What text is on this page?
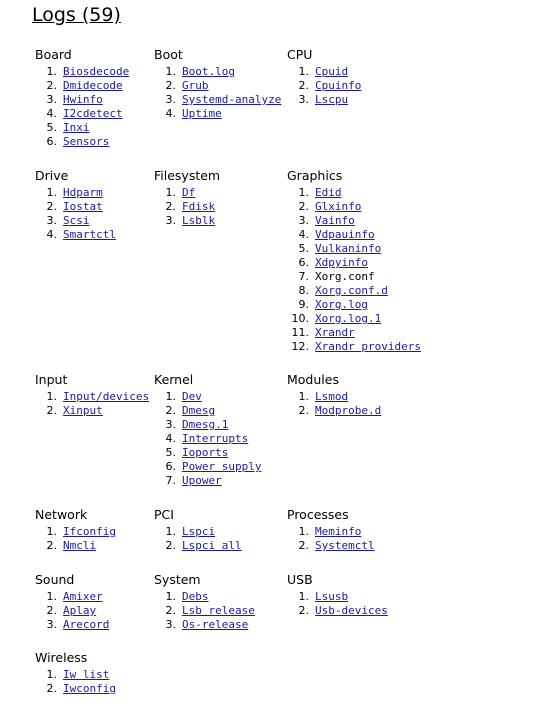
Logs (59)
Board
1. Biosdecode
2. Dmidecode
3. Hwinfo
4. I2cdetect
5. Inxi
6. Sensors
Boot
1. Boot.log
2. Grub
3. Systemd-analyze
4. Uptime
CPU
1. Cpuid
2. Cpuinfo
3. Lscpu
Drive
1. Hdparm
2. Iostat
3. Scsi
4. Smartctl
Filesystem
1. Df
2. Fdisk
3. Lsblk
Graphics
1. Edid
2. Glxinfo
3. Vainfo
4. Vdpauinfo
5. Vulkaninfo
6. Xdpyinfo
7. Xorg.conf
8. Xorg.conf.d
9. Xorg.log
10. Xorg.log.1
11. Xrandr
12. Xrandr providers
Input
1. Input/devices
2. Xinput
Kernel
1. Dev
2. Dmesg
3. Dmesg.1
4. Interrupts
5. Ioports
6. Power supply
7. Upower
Modules
1. Lsmod
2. Modprobe.d
Network
1. Ifconfig
2. Nmcli
PCI
1. Lspci
2. Lspci all
Processes
1. Meminfo
2. Systemctl
Sound
1. Amixer
2. Aplay
3. Arecord
System
1. Debs
2. Lsb release
3. Os-release
USB
1. Lsusb
2. Usb-devices
Wireless
1. Iw list
2. Iwconfig
